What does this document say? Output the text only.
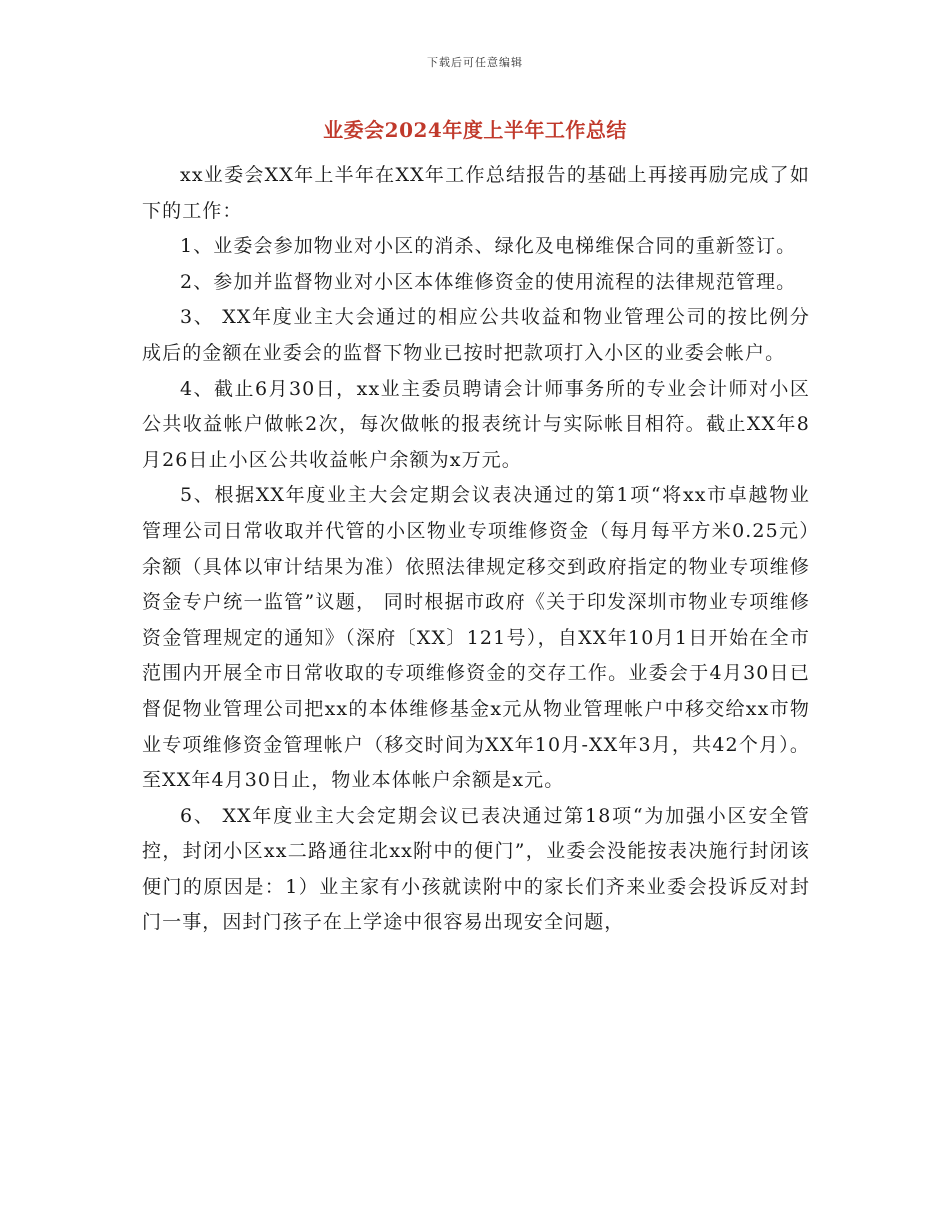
下载后可任意编辑
业委会2024年度上半年工作总结

xx业委会XX年上半年在XX年工作总结报告的基础上再接再励完成了如下的工作：

1、业委会参加物业对小区的消杀、绿化及电梯维保合同的重新签订。

2、参加并监督物业对小区本体维修资金的使用流程的法律规范管理。

3、 XX年度业主大会通过的相应公共收益和物业管理公司的按比例分成后的金额在业委会的监督下物业已按时把款项打入小区的业委会帐户。

4、截止6月30日，xx业主委员聘请会计师事务所的专业会计师对小区公共收益帐户做帐2次，每次做帐的报表统计与实际帐目相符。截止XX年8月26日止小区公共收益帐户余额为x万元。

5、根据XX年度业主大会定期会议表决通过的第1项“将xx市卓越物业管理公司日常收取并代管的小区物业专项维修资金（每月每平方米0.25元）余额（具体以审计结果为准）依照法律规定移交到政府指定的物业专项维修资金专户统一监管”议题， 同时根据市政府《关于印发深圳市物业专项维修资金管理规定的通知》（深府〔XX〕121号），自XX年10月1日开始在全市范围内开展全市日常收取的专项维修资金的交存工作。业委会于4月30日已督促物业管理公司把xx的本体维修基金x元从物业管理帐户中移交给xx市物业专项维修资金管理帐户（移交时间为XX年10月-XX年3月，共42个月）。至XX年4月30日止，物业本体帐户余额是x元。

6、 XX年度业主大会定期会议已表决通过第18项“为加强小区安全管控，封闭小区xx二路通往北xx附中的便门”，业委会没能按表决施行封闭该便门的原因是：1）业主家有小孩就读附中的家长们齐来业委会投诉反对封门一事，因封门孩子在上学途中很容易出现安全问题，
